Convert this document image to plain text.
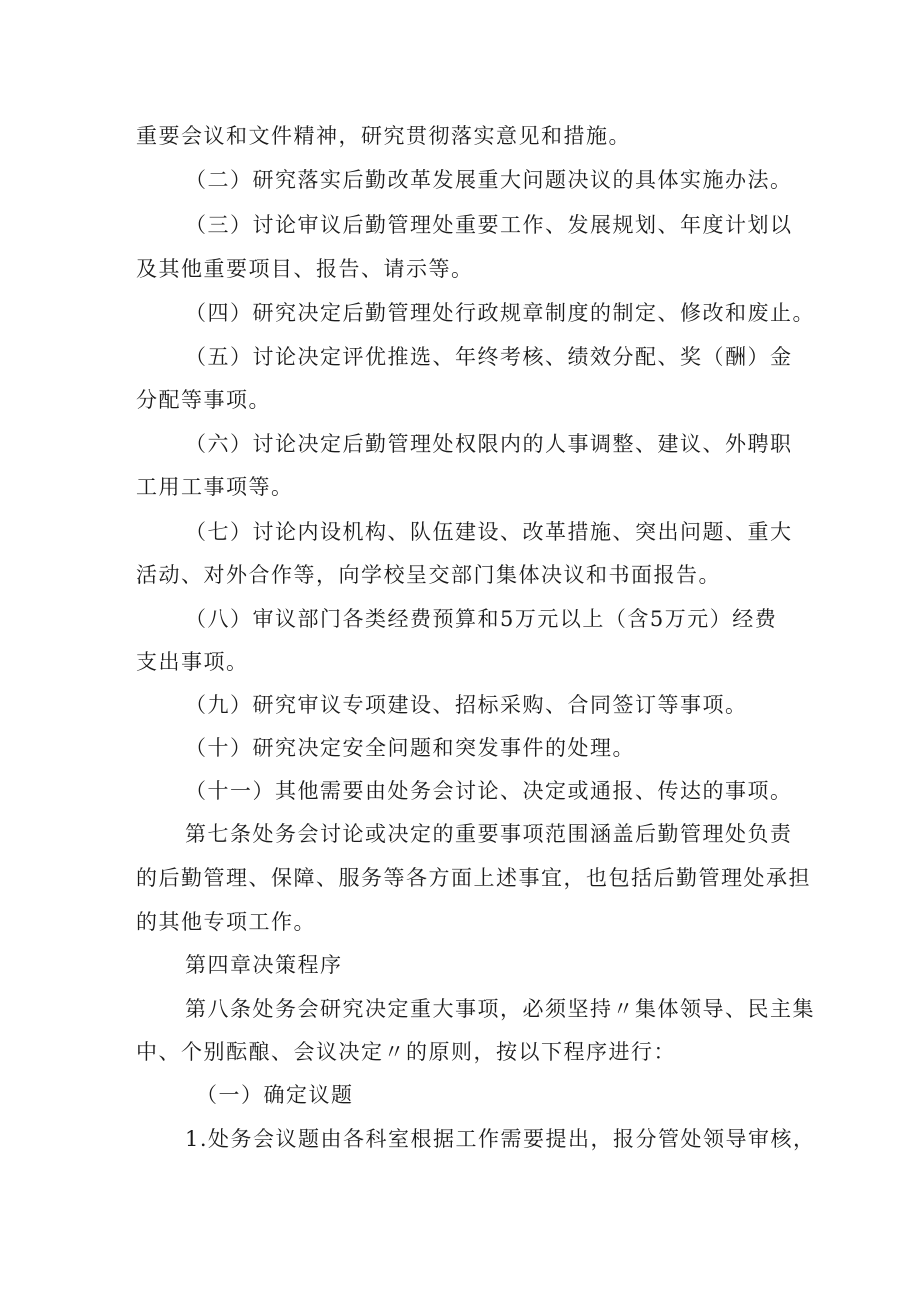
重要会议和文件精神，研究贯彻落实意见和措施。
（二）研究落实后勤改革发展重大问题决议的具体实施办法。
（三）讨论审议后勤管理处重要工作、发展规划、年度计划以
及其他重要项目、报告、请示等。
（四）研究决定后勤管理处行政规章制度的制定、修改和废止。
（五）讨论决定评优推选、年终考核、绩效分配、奖（酬）金
分配等事项。
（六）讨论决定后勤管理处权限内的人事调整、建议、外聘职
工用工事项等。
（七）讨论内设机构、队伍建设、改革措施、突出问题、重大
活动、对外合作等，向学校呈交部门集体决议和书面报告。
（八）审议部门各类经费预算和5万元以上（含5万元）经费
支出事项。
（九）研究审议专项建设、招标采购、合同签订等事项。
（十）研究决定安全问题和突发事件的处理。
（十一）其他需要由处务会讨论、决定或通报、传达的事项。
第七条处务会讨论或决定的重要事项范围涵盖后勤管理处负责
的后勤管理、保障、服务等各方面上述事宜，也包括后勤管理处承担
的其他专项工作。
第四章决策程序
第八条处务会研究决定重大事项，必须坚持〃集体领导、民主集
中、个别酝酿、会议决定〃的原则，按以下程序进行：
（一）确定议题
1.处务会议题由各科室根据工作需要提出，报分管处领导审核，
